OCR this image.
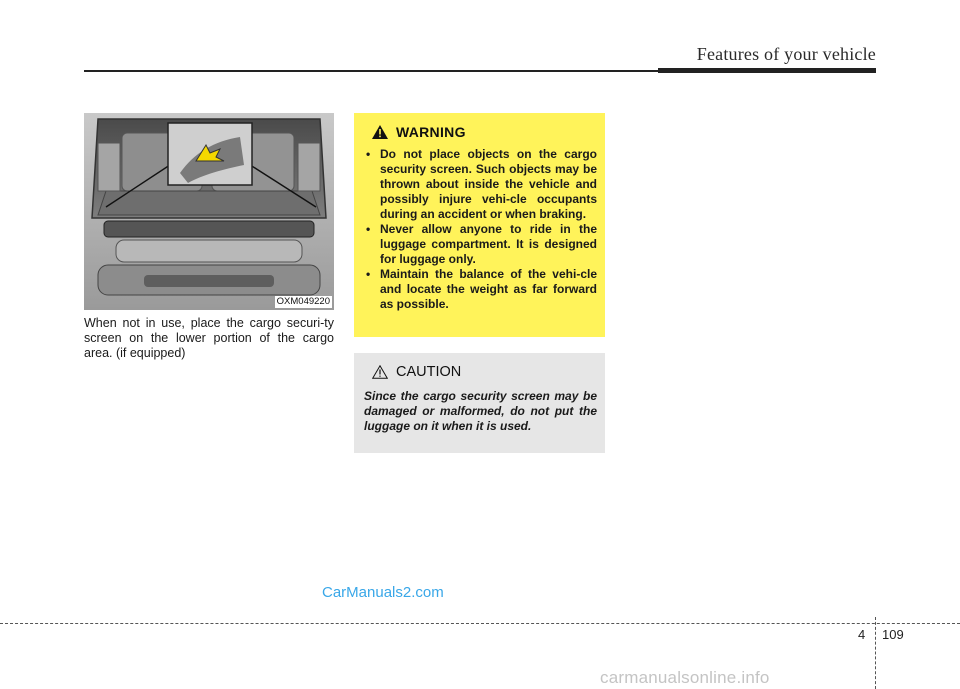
Features of your vehicle
OXM049220
When not in use, place the cargo securi-ty screen on the lower portion of the cargo area. (if equipped)
WARNING
• Do not place objects on the cargo security screen. Such objects may be thrown about inside the vehicle and possibly injure vehi-cle occupants during an accident or when braking.
• Never allow anyone to ride in the luggage compartment. It is designed for luggage only.
• Maintain the balance of the vehi-cle and locate the weight as far forward as possible.
CAUTION
Since the cargo security screen may be damaged or malformed, do not put the luggage on it when it is used.
CarManuals2.com
4 109
carmanualsonline.info
